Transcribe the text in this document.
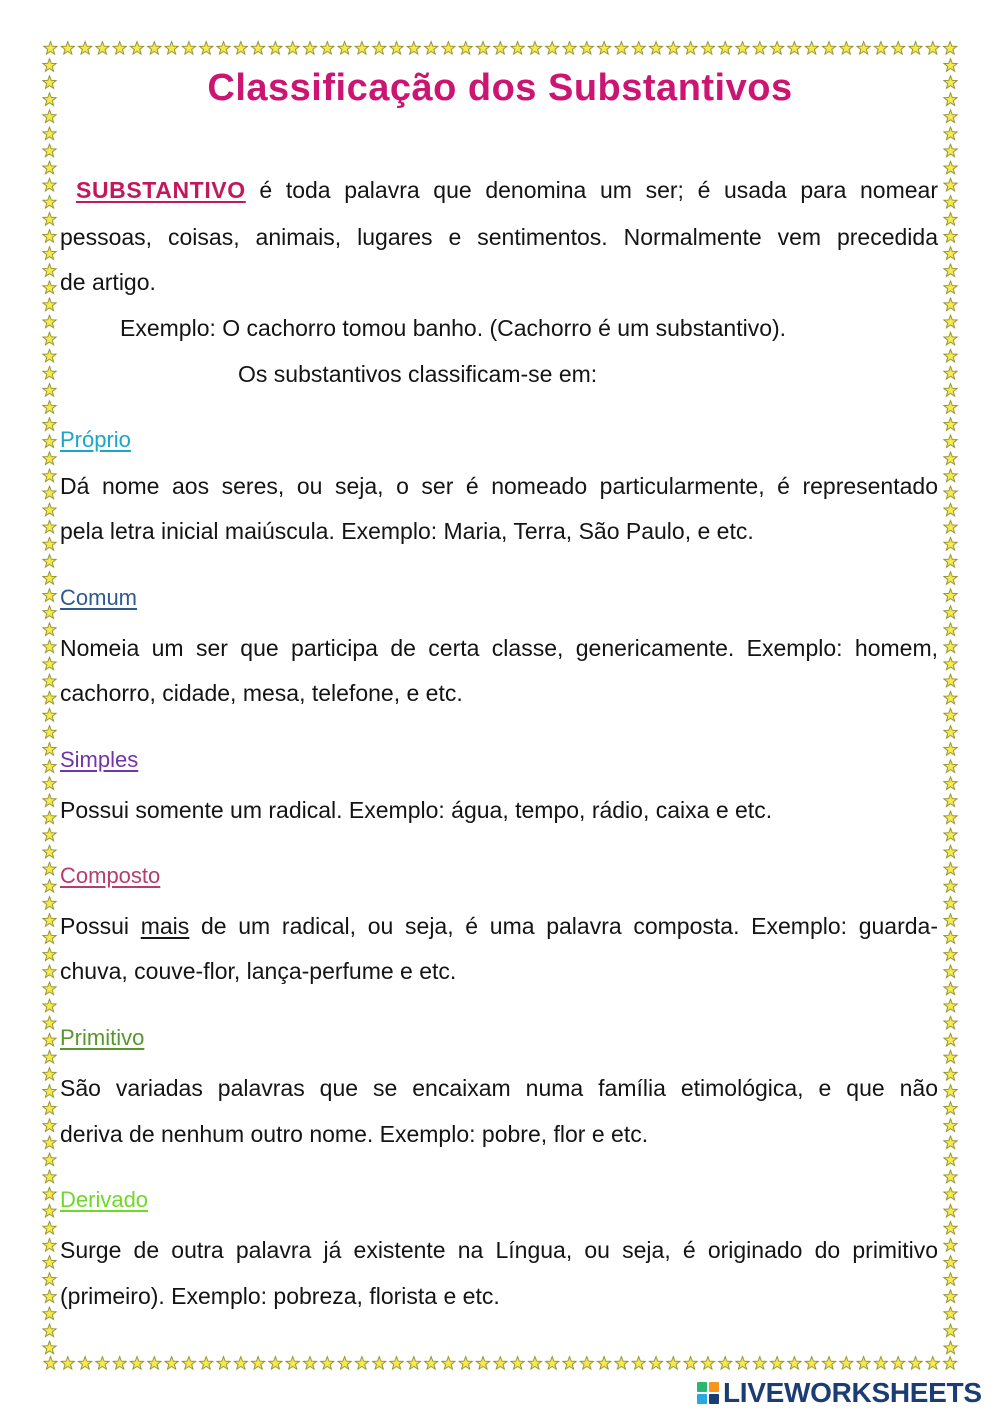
Classificação dos Substantivos
SUBSTANTIVO é toda palavra que denomina um ser; é usada para nomear
pessoas, coisas, animais, lugares e sentimentos. Normalmente vem precedida
de artigo.
Exemplo: O cachorro tomou banho. (Cachorro é um substantivo).
Os substantivos classificam-se em:
Próprio
Dá nome aos seres, ou seja, o ser é nomeado particularmente, é representado
pela letra inicial maiúscula. Exemplo: Maria, Terra, São Paulo, e etc.
Comum
Nomeia um ser que participa de certa classe, genericamente. Exemplo: homem,
cachorro, cidade, mesa, telefone, e etc.
Simples
Possui somente um radical. Exemplo: água, tempo, rádio, caixa e etc.
Composto
Possui mais de um radical, ou seja, é uma palavra composta. Exemplo: guarda-
chuva, couve-flor, lança-perfume e etc.
Primitivo
São variadas palavras que se encaixam numa família etimológica, e que não
deriva de nenhum outro nome. Exemplo: pobre, flor e etc.
Derivado
Surge de outra palavra já existente na Língua, ou seja, é originado do primitivo
(primeiro). Exemplo: pobreza, florista e etc.
LIVEWORKSHEETS
